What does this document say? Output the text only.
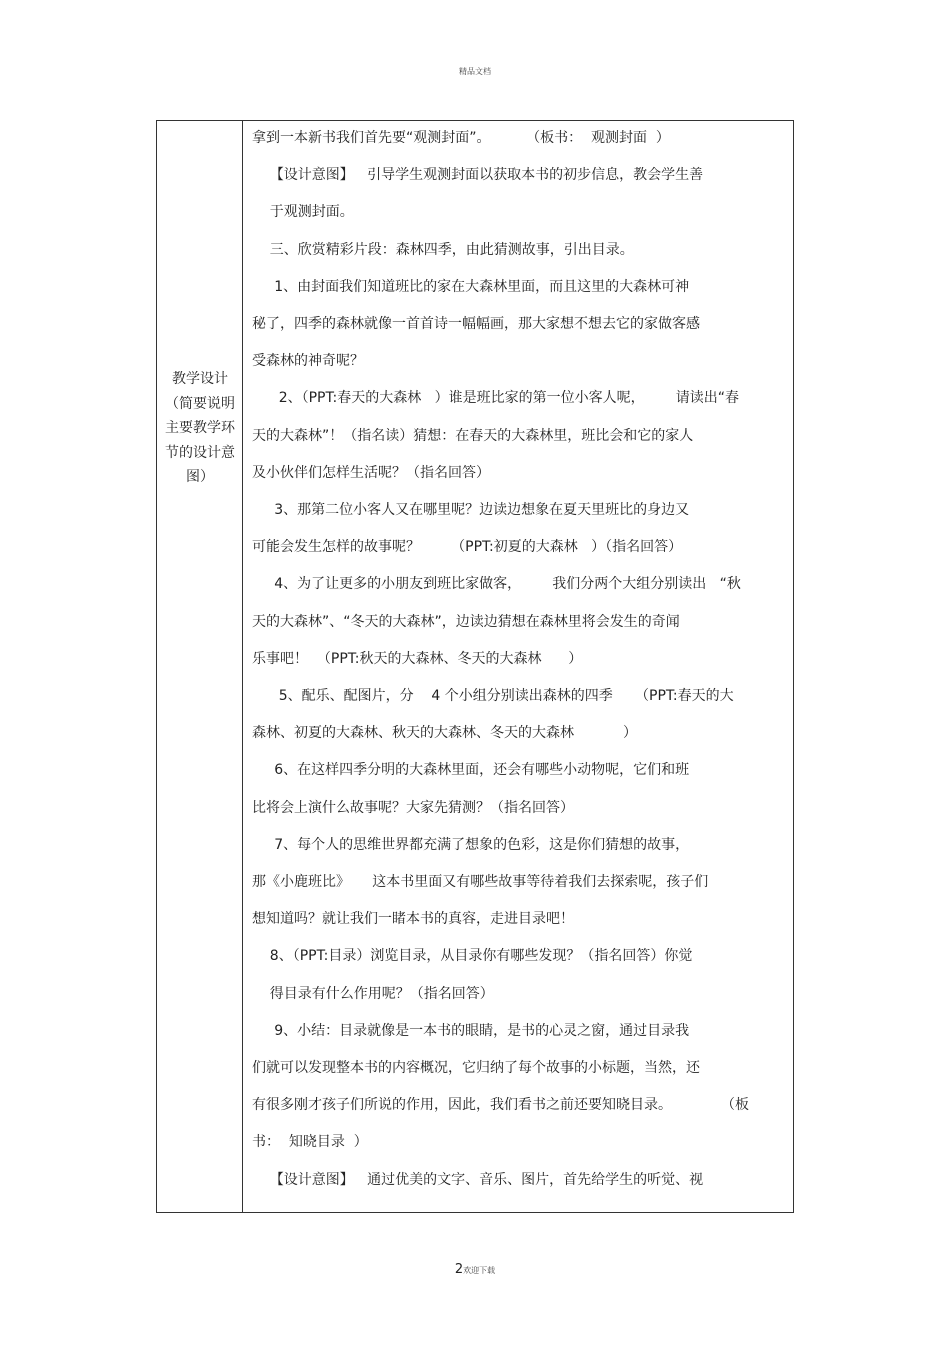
精品文档
教学设计（简要说明主要教学环节的设计意图）
拿到一本新书我们首先要“观测封面”。        （板书：  观测封面  ）
【设计意图】   引导学生观测封面以获取本书的初步信息，教会学生善
于观测封面。
三、欣赏精彩片段：森林四季，由此猜测故事，引出目录。
1、由封面我们知道班比的家在大森林里面，而且这里的大森林可神
秘了，四季的森林就像一首首诗一幅幅画，那大家想不想去它的家做客感
受森林的神奇呢？
2、（PPT:春天的大森林   ）谁是班比家的第一位小客人呢，       请读出“春
天的大森林”！（指名读）猜想：在春天的大森林里，班比会和它的家人
及小伙伴们怎样生活呢？（指名回答）
3、那第二位小客人又在哪里呢？边读边想象在夏天里班比的身边又
可能会发生怎样的故事呢？       （PPT:初夏的大森林   ）（指名回答）
4、为了让更多的小朋友到班比家做客，       我们分两个大组分别读出   “秋
天的大森林”、“冬天的大森林”，边读边猜想在森林里将会发生的奇闻
乐事吧！  （PPT:秋天的大森林、冬天的大森林      ）
5、配乐、配图片，分    4 个小组分别读出森林的四季     （PPT:春天的大
森林、初夏的大森林、秋天的大森林、冬天的大森林           ）
6、在这样四季分明的大森林里面，还会有哪些小动物呢，它们和班
比将会上演什么故事呢？大家先猜测？（指名回答）
7、每个人的思维世界都充满了想象的色彩，这是你们猜想的故事，
那《小鹿班比》     这本书里面又有哪些故事等待着我们去探索呢，孩子们
想知道吗？就让我们一睹本书的真容，走进目录吧！
8、（PPT:目录）浏览目录，从目录你有哪些发现？（指名回答）你觉
得目录有什么作用呢？（指名回答）
9、小结：目录就像是一本书的眼睛，是书的心灵之窗，通过目录我
们就可以发现整本书的内容概况，它归纳了每个故事的小标题，当然，还
有很多刚才孩子们所说的作用，因此，我们看书之前还要知晓目录。           （板
书：  知晓目录  ）
【设计意图】   通过优美的文字、音乐、图片，首先给学生的听觉、视
2欢迎下载
